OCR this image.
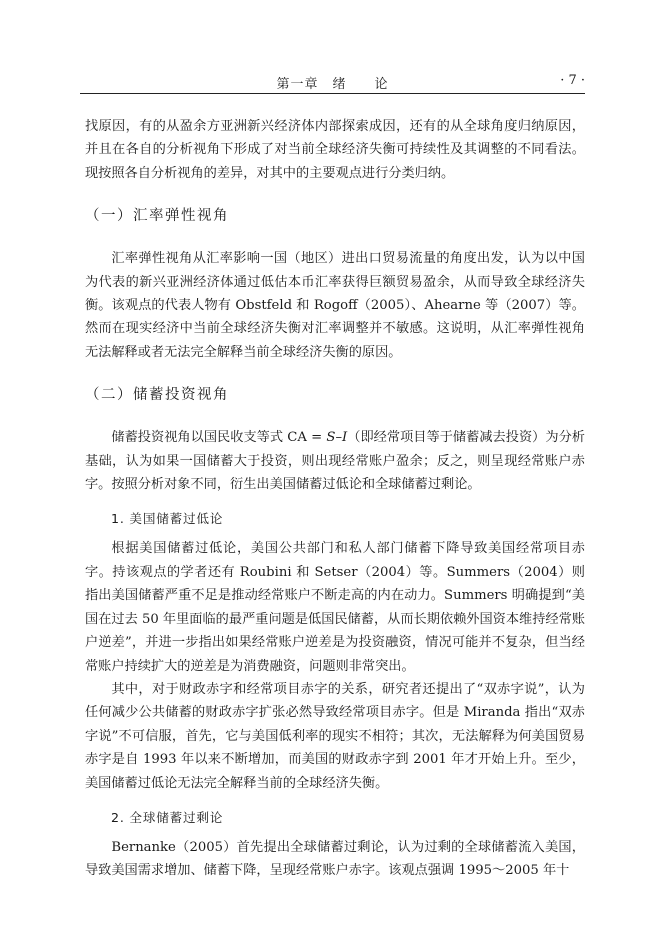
第一章　绪　　论	· 7 ·

找原因，有的从盈余方亚洲新兴经济体内部探索成因，还有的从全球角度归纳原因，并且在各自的分析视角下形成了对当前全球经济失衡可持续性及其调整的不同看法。现按照各自分析视角的差异，对其中的主要观点进行分类归纳。

（一）汇率弹性视角

汇率弹性视角从汇率影响一国（地区）进出口贸易流量的角度出发，认为以中国为代表的新兴亚洲经济体通过低估本币汇率获得巨额贸易盈余，从而导致全球经济失衡。该观点的代表人物有 Obstfeld 和 Rogoff（2005）、Ahearne 等（2007）等。然而在现实经济中当前全球经济失衡对汇率调整并不敏感。这说明，从汇率弹性视角无法解释或者无法完全解释当前全球经济失衡的原因。

（二）储蓄投资视角

储蓄投资视角以国民收支等式 CA = S–I（即经常项目等于储蓄减去投资）为分析基础，认为如果一国储蓄大于投资，则出现经常账户盈余；反之，则呈现经常账户赤字。按照分析对象不同，衍生出美国储蓄过低论和全球储蓄过剩论。

1. 美国储蓄过低论

根据美国储蓄过低论，美国公共部门和私人部门储蓄下降导致美国经常项目赤字。持该观点的学者还有 Roubini 和 Setser（2004）等。Summers（2004）则指出美国储蓄严重不足是推动经常账户不断走高的内在动力。Summers 明确提到“美国在过去 50 年里面临的最严重问题是低国民储蓄，从而长期依赖外国资本维持经常账户逆差”，并进一步指出如果经常账户逆差是为投资融资，情况可能并不复杂，但当经常账户持续扩大的逆差是为消费融资，问题则非常突出。

其中，对于财政赤字和经常项目赤字的关系，研究者还提出了“双赤字说”，认为任何减少公共储蓄的财政赤字扩张必然导致经常项目赤字。但是 Miranda 指出“双赤字说”不可信服，首先，它与美国低利率的现实不相符；其次，无法解释为何美国贸易赤字是自 1993 年以来不断增加，而美国的财政赤字到 2001 年才开始上升。至少，美国储蓄过低论无法完全解释当前的全球经济失衡。

2. 全球储蓄过剩论

Bernanke（2005）首先提出全球储蓄过剩论，认为过剩的全球储蓄流入美国，导致美国需求增加、储蓄下降，呈现经常账户赤字。该观点强调 1995～2005 年十
